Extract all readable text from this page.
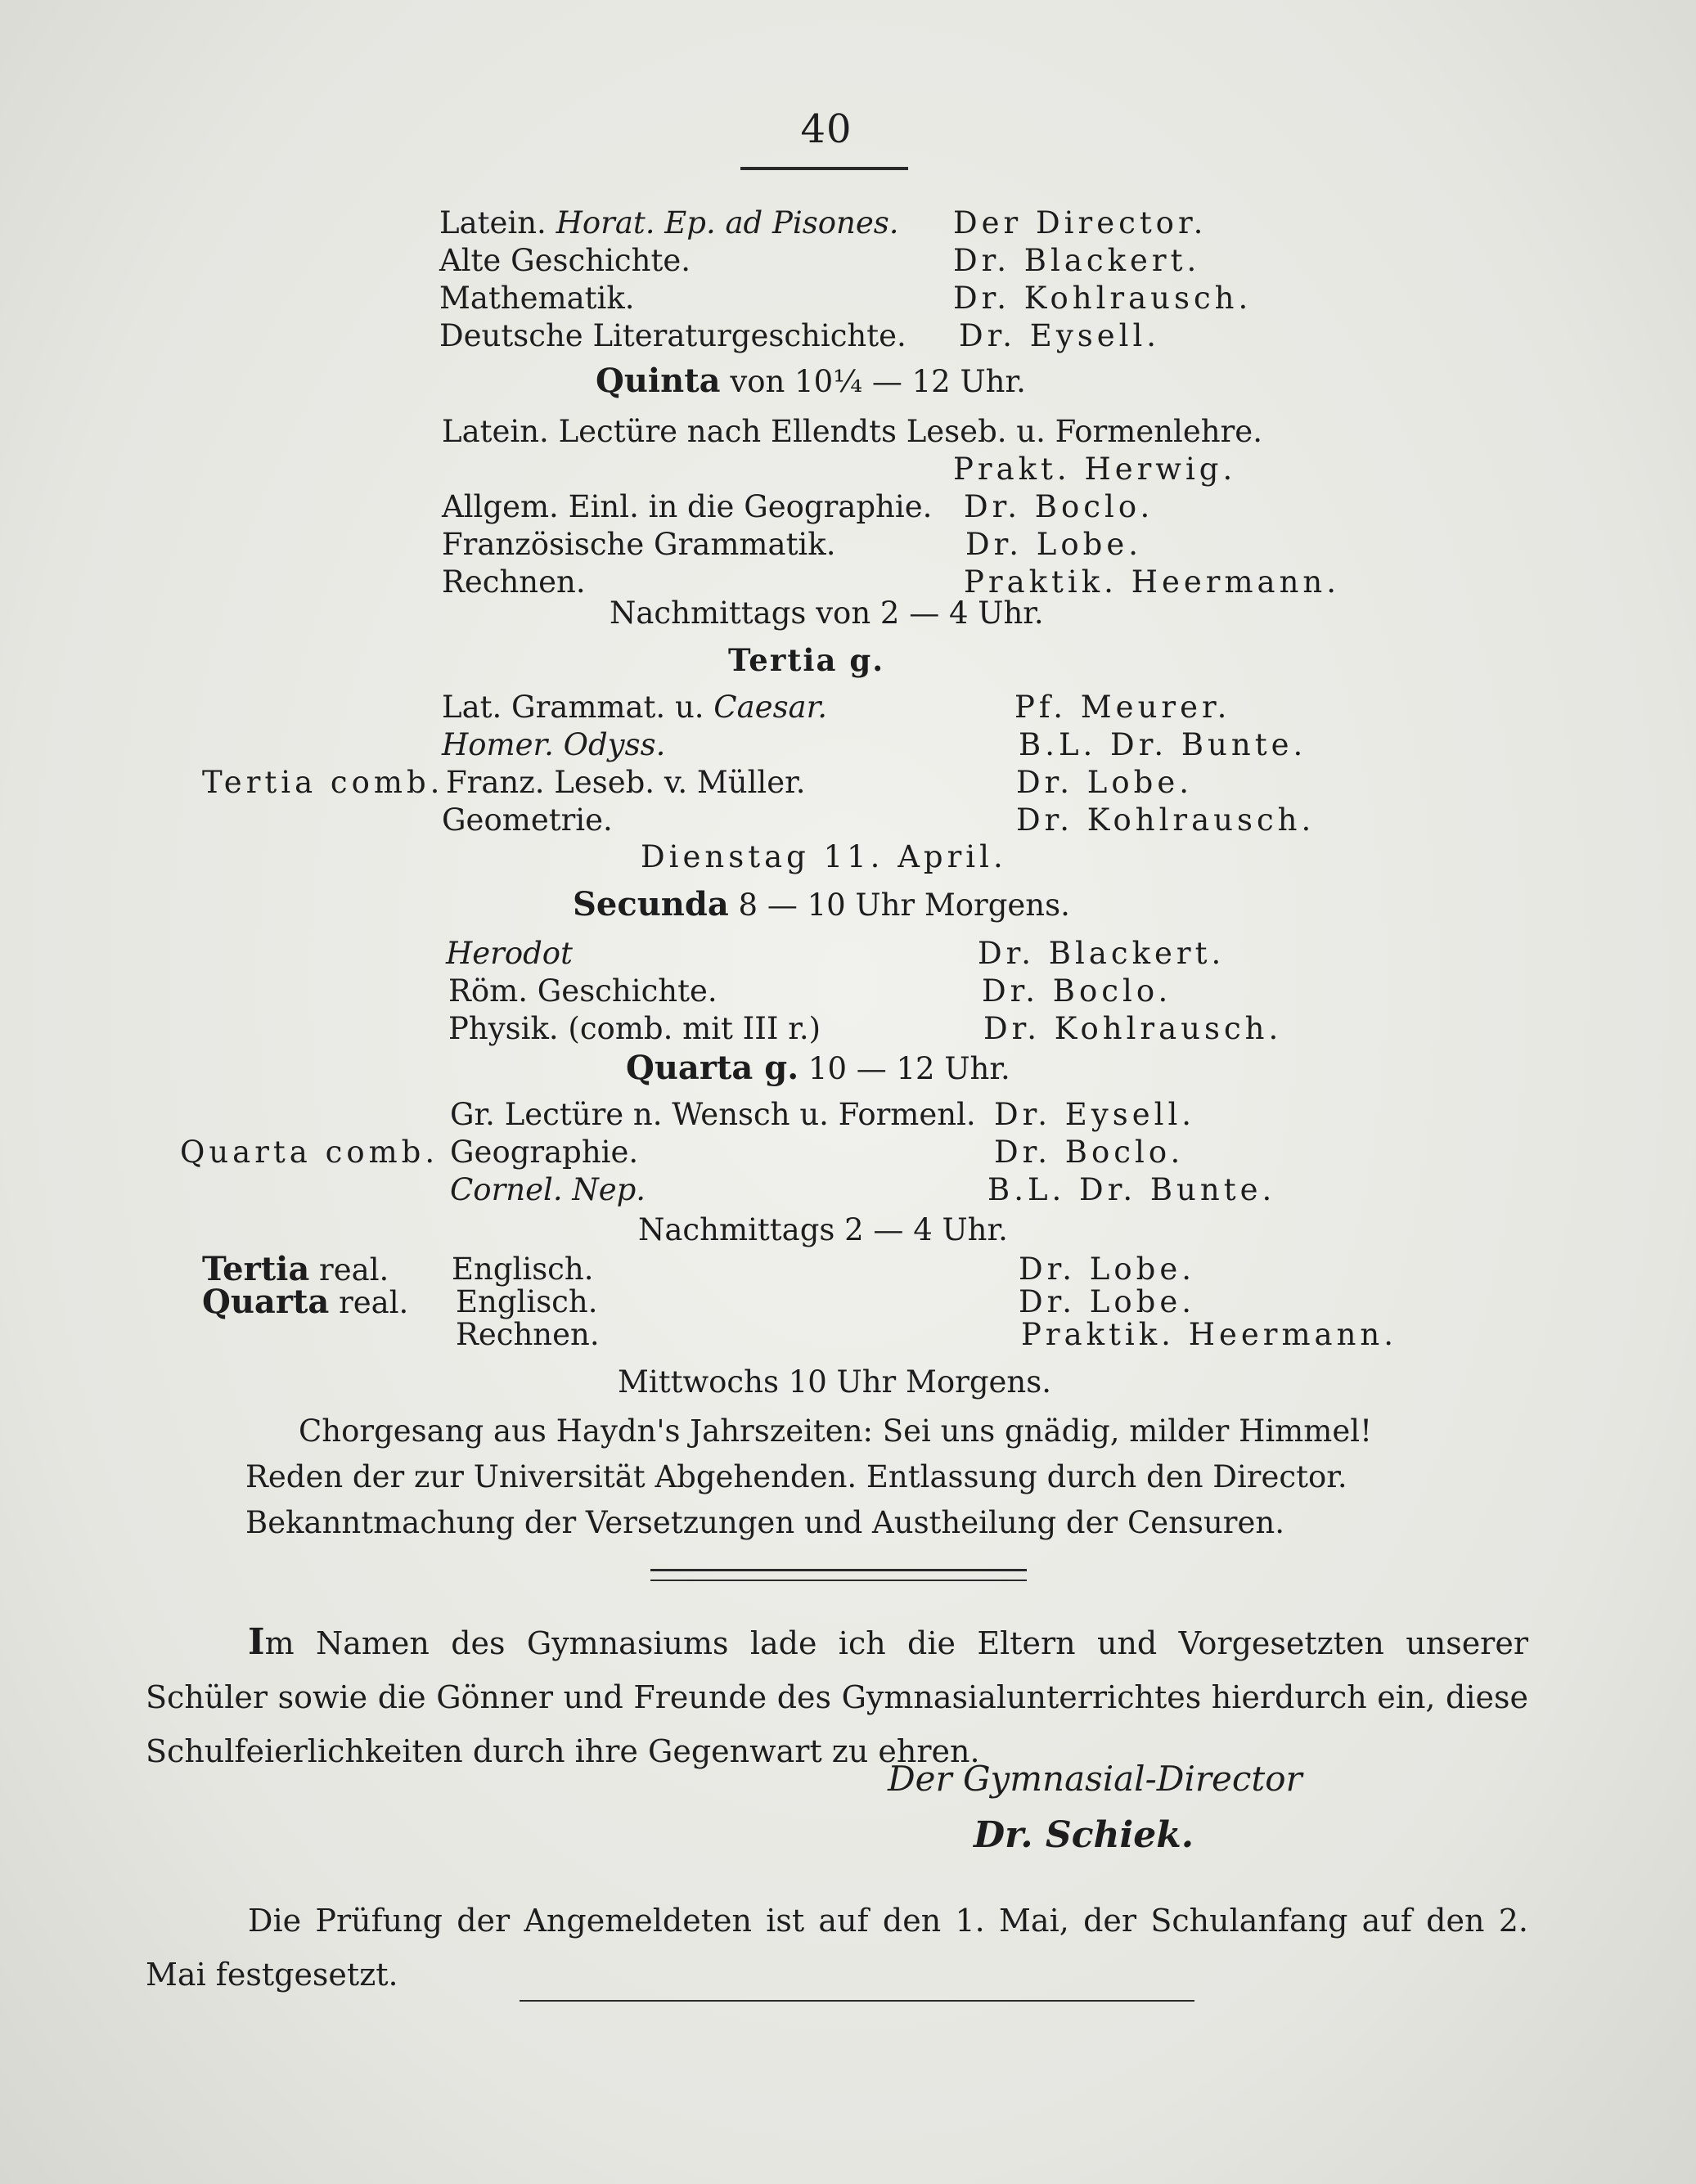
40
Latein. Horat. Ep. ad Pisones. Der Director.
Alte Geschichte.	Dr. Blackert.
Mathematik.	Dr. Kohlrausch.
Deutsche Literaturgeschichte. Dr. Eysell.
Quinta von 10¼ — 12 Uhr.
Latein. Lectüre nach Ellendts Leseb. u. Formenlehre.
Prakt. Herwig.
Allgem. Einl. in die Geographie. Dr. Boclo.
Französische Grammatik.	Dr. Lobe.
Rechnen.	Praktik. Heermann.
Nachmittags von 2 — 4 Uhr.
Tertia g.
Lat. Grammat. u. Caesar.	Pf. Meurer.
Homer. Odyss.	B.L. Dr. Bunte.
Tertia comb. Franz. Leseb. v. Müller.	Dr. Lobe.
Geometrie.	Dr. Kohlrausch.
Dienstag 11. April.
Secunda 8 — 10 Uhr Morgens.
Herodot	Dr. Blackert.
Röm. Geschichte.	Dr. Boclo.
Physik. (comb. mit III r.)	Dr. Kohlrausch.
Quarta g. 10 — 12 Uhr.
Gr. Lectüre n. Wensch u. Formenl. Dr. Eysell.
Quarta comb. Geographie.	Dr. Boclo.
Cornel. Nep.	B.L. Dr. Bunte.
Nachmittags 2 — 4 Uhr.
Tertia real. Englisch.	Dr. Lobe.
Quarta real. Englisch.	Dr. Lobe.
Rechnen.	Praktik. Heermann.
Mittwochs 10 Uhr Morgens.
Chorgesang aus Haydn's Jahrszeiten: Sei uns gnädig, milder Himmel!
Reden der zur Universität Abgehenden. Entlassung durch den Director.
Bekanntmachung der Versetzungen und Austheilung der Censuren.
Im Namen des Gymnasiums lade ich die Eltern und Vorgesetzten unserer Schüler sowie die Gönner und Freunde des Gymnasialunterrichtes hierdurch ein, diese Schulfeierlichkeiten durch ihre Gegenwart zu ehren.
Der Gymnasial-Director
Dr. Schiek.
Die Prüfung der Angemeldeten ist auf den 1. Mai, der Schulanfang auf den 2. Mai festgesetzt.
